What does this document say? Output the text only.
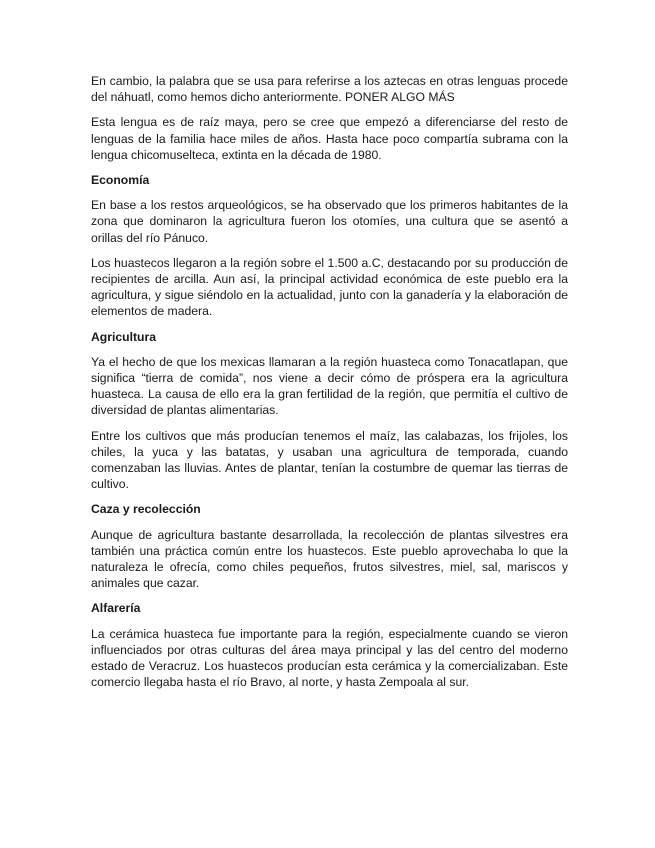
En cambio, la palabra que se usa para referirse a los aztecas en otras lenguas procede del náhuatl, como hemos dicho anteriormente. PONER ALGO MÁS

Esta lengua es de raíz maya, pero se cree que empezó a diferenciarse del resto de lenguas de la familia hace miles de años. Hasta hace poco compartía subrama con la lengua chicomuselteca, extinta en la década de 1980.

Economía

En base a los restos arqueológicos, se ha observado que los primeros habitantes de la zona que dominaron la agricultura fueron los otomíes, una cultura que se asentó a orillas del río Pánuco.

Los huastecos llegaron a la región sobre el 1.500 a.C, destacando por su producción de recipientes de arcilla. Aun así, la principal actividad económica de este pueblo era la agricultura, y sigue siéndolo en la actualidad, junto con la ganadería y la elaboración de elementos de madera.

Agricultura

Ya el hecho de que los mexicas llamaran a la región huasteca como Tonacatlapan, que significa “tierra de comida”, nos viene a decir cómo de próspera era la agricultura huasteca. La causa de ello era la gran fertilidad de la región, que permitía el cultivo de diversidad de plantas alimentarias.

Entre los cultivos que más producían tenemos el maíz, las calabazas, los frijoles, los chiles, la yuca y las batatas, y usaban una agricultura de temporada, cuando comenzaban las lluvias. Antes de plantar, tenían la costumbre de quemar las tierras de cultivo.

Caza y recolección

Aunque de agricultura bastante desarrollada, la recolección de plantas silvestres era también una práctica común entre los huastecos. Este pueblo aprovechaba lo que la naturaleza le ofrecía, como chiles pequeños, frutos silvestres, miel, sal, mariscos y animales que cazar.

Alfarería

La cerámica huasteca fue importante para la región, especialmente cuando se vieron influenciados por otras culturas del área maya principal y las del centro del moderno estado de Veracruz. Los huastecos producían esta cerámica y la comercializaban. Este comercio llegaba hasta el río Bravo, al norte, y hasta Zempoala al sur.
